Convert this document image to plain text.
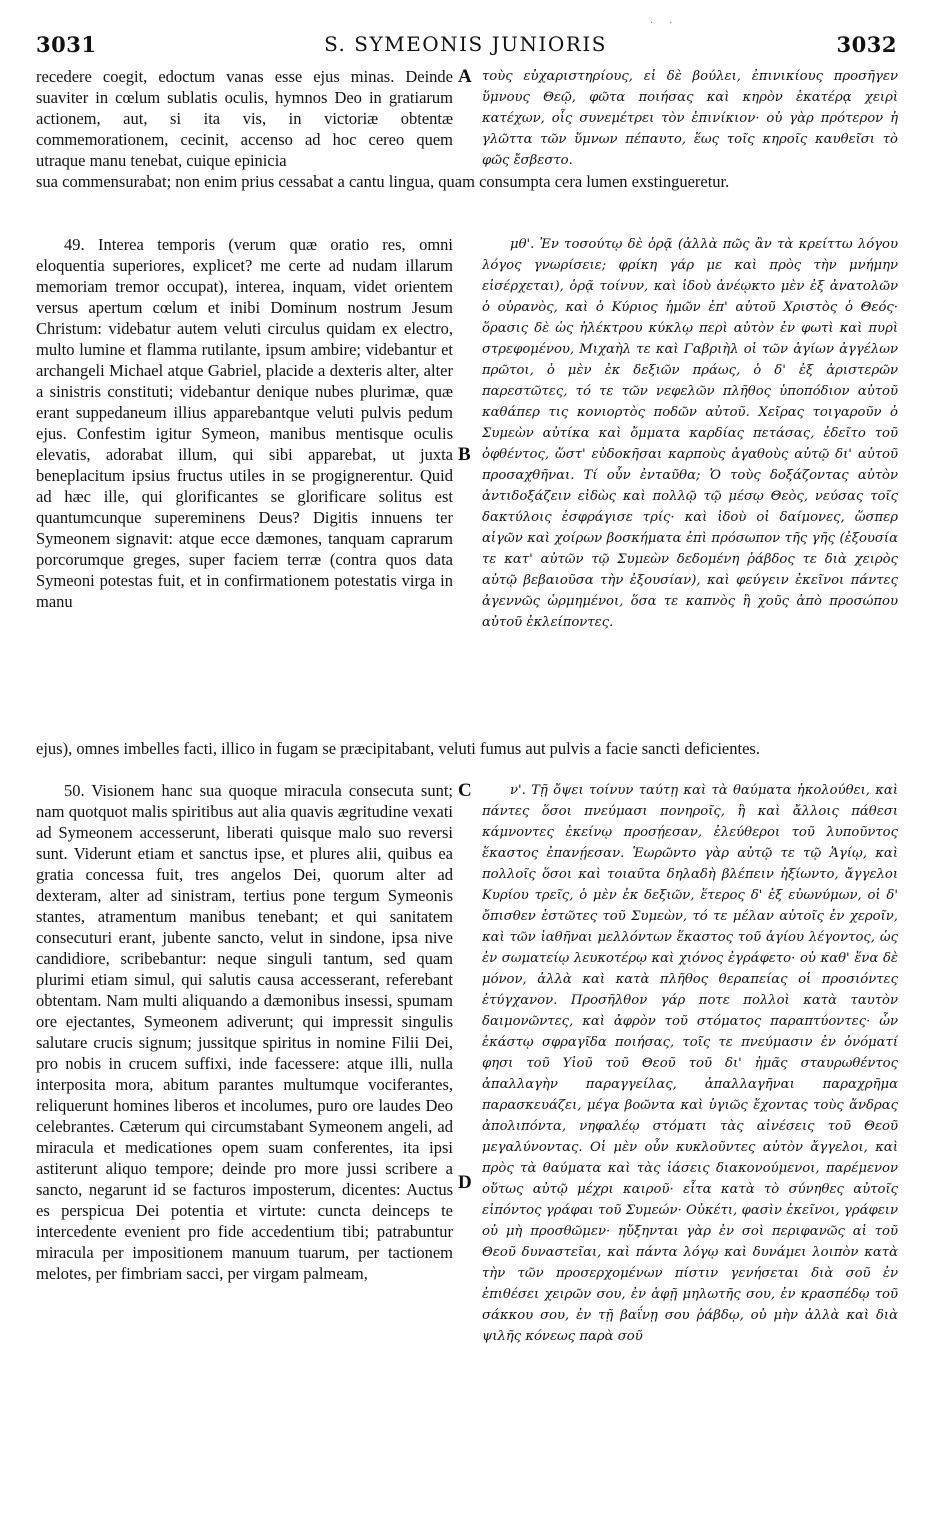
·     ·
3031	S. SYMEONIS JUNIORIS	3032

recedere coegit, edoctum vanas esse ejus minas. Deinde suaviter in cœlum sublatis oculis, hymnos Deo in gratiarum actionem, aut, si ita vis, in victoriæ obtentæ commemorationem, cecinit, accenso ad hoc cereo quem utraque manu tenebat, cuique epinicia

A τοὺς εὐχαριστηρίους, εἰ δὲ βούλει, ἐπινικίους προσῆγεν ὕμνους Θεῷ, φῶτα ποιήσας καὶ κηρὸν ἑκατέρᾳ χειρὶ κατέχων, οἷς συνεμέτρει τὸν ἐπινίκιον· οὐ γὰρ πρότερον ἡ γλῶττα τῶν ὕμνων πέπαυτο, ἕως τοῖς κηροῖς καυθεῖσι τὸ φῶς ἔσβεστο.

sua commensurabat; non enim prius cessabat a cantu lingua, quam consumpta cera lumen exstingueretur.

49. Interea temporis (verum quæ oratio res, omni eloquentia superiores, explicet? me certe ad nudam illarum memoriam tremor occupat), interea, inquam, videt orientem versus apertum cœlum et inibi Dominum nostrum Jesum Christum: videbatur autem veluti circulus quidam ex electro, multo lumine et flamma rutilante, ipsum ambire; videbantur et archangeli Michael atque Gabriel, placide a dexteris alter, alter a sinistris constituti; videbantur denique nubes plurimæ, quæ erant suppedaneum illius apparebantque veluti pulvis pedum ejus. Confestim igitur Symeon, manibus mentisque oculis elevatis, adorabat illum, qui sibi apparebat, ut juxta beneplacitum ipsius fructus utiles in se progignerentur. Quid ad hæc ille, qui glorificantes se glorificare solitus est quantumcunque supereminens Deus? Digitis innuens ter Symeonem signavit: atque ecce dæmones, tanquam caprarum porcorumque greges, super faciem terræ (contra quos data Symeoni potestas fuit, et in confirmationem potestatis virga in manu

B

μθ'. Ἐν τοσούτῳ δὲ ὁρᾷ (ἀλλὰ πῶς ἂν τὰ κρείττω λόγου λόγος γνωρίσειε; φρίκη γάρ με καὶ πρὸς τὴν μνήμην εἰσέρχεται), ὁρᾷ τοίνυν, καὶ ἰδοὺ ἀνέῳκτο μὲν ἐξ ἀνατολῶν ὁ οὐρανὸς, καὶ ὁ Κύριος ἡμῶν ἐπ' αὐτοῦ Χριστὸς ὁ Θεός· ὅρασις δὲ ὡς ἠλέκτρου κύκλῳ περὶ αὐτὸν ἐν φωτὶ καὶ πυρὶ στρεφομένου, Μιχαὴλ τε καὶ Γαβριὴλ οἱ τῶν ἁγίων ἀγγέλων πρῶτοι, ὁ μὲν ἐκ δεξιῶν πράως, ὁ δ' ἐξ ἀριστερῶν παρεστῶτες, τό τε τῶν νεφελῶν πλῆθος ὑποπόδιον αὐτοῦ καθάπερ τις κονιορτὸς ποδῶν αὐτοῦ. Χεῖρας τοιγαροῦν ὁ Συμεὼν αὐτίκα καὶ ὄμματα καρδίας πετάσας, ἐδεῖτο τοῦ ὀφθέντος, ὥστ' εὐδοκῆσαι καρποὺς ἀγαθοὺς αὐτῷ δι' αὐτοῦ προσαχθῆναι. Τί οὖν ἐνταῦθα; Ὁ τοὺς δοξάζοντας αὐτὸν ἀντιδοξάζειν εἰδὼς καὶ πολλῷ τῷ μέσῳ Θεὸς, νεύσας τοῖς δακτύλοις ἐσφράγισε τρίς· καὶ ἰδοὺ οἱ δαίμονες, ὥσπερ αἰγῶν καὶ χοίρων βοσκήματα ἐπὶ πρόσωπον τῆς γῆς (ἐξουσία τε κατ' αὐτῶν τῷ Συμεὼν δεδομένη ῥάβδος τε διὰ χειρὸς αὐτῷ βεβαιοῦσα τὴν ἐξουσίαν), καὶ φεύγειν ἐκεῖνοι πάντες ἀγεννῶς ὡρμημένοι, ὅσα τε καπνὸς ἢ χοῦς ἀπὸ προσώπου αὐτοῦ ἐκλείποντες.

ejus), omnes imbelles facti, illico in fugam se præcipitabant, veluti fumus aut pulvis a facie sancti deficientes.

50. Visionem hanc sua quoque miracula consecuta sunt; nam quotquot malis spiritibus aut alia quavis ægritudine vexati ad Symeonem accesserunt, liberati quisque malo suo reversi sunt. Viderunt etiam et sanctus ipse, et plures alii, quibus ea gratia concessa fuit, tres angelos Dei, quorum alter ad dexteram, alter ad sinistram, tertius pone tergum Symeonis stantes, atramentum manibus tenebant; et qui sanitatem consecuturi erant, jubente sancto, velut in sindone, ipsa nive candidiore, scribebantur: neque singuli tantum, sed quam plurimi etiam simul, qui salutis causa accesserant, referebant obtentam. Nam multi aliquando a dæmonibus insessi, spumam ore ejectantes, Symeonem adiverunt; qui impressit singulis salutare crucis signum; jussitque spiritus in nomine Filii Dei, pro nobis in crucem suffixi, inde facessere: atque illi, nulla interposita mora, abitum parantes multumque vociferantes, reliquerunt homines liberos et incolumes, puro ore laudes Deo celebrantes. Cæterum qui circumstabant Symeonem angeli, ad miracula et medicationes opem suam conferentes, ita ipsi astiterunt aliquo tempore; deinde pro more jussi scribere a sancto, negarunt id se facturos imposterum, dicentes: Auctus es perspicua Dei potentia et virtute: cuncta deinceps te intercedente evenient pro fide accedentium tibi; patrabuntur miracula per impositionem manuum tuarum, per tactionem melotes, per fimbriam sacci, per virgam palmeam,

C
D

ν'. Τῇ ὄψει τοίνυν ταύτῃ καὶ τὰ θαύματα ἠκολούθει, καὶ πάντες ὅσοι πνεύμασι πονηροῖς, ἢ καὶ ἄλλοις πάθεσι κάμνοντες ἐκείνῳ προσῄεσαν, ἐλεύθεροι τοῦ λυποῦντος ἕκαστος ἐπανῄεσαν. Ἑωρῶντο γὰρ αὐτῷ τε τῷ Ἁγίῳ, καὶ πολλοῖς ὅσοι καὶ τοιαῦτα δηλαδὴ βλέπειν ἠξίωντο, ἄγγελοι Κυρίου τρεῖς, ὁ μὲν ἐκ δεξιῶν, ἕτερος δ' ἐξ εὐωνύμων, οἱ δ' ὄπισθεν ἑστῶτες τοῦ Συμεὼν, τό τε μέλαν αὐτοῖς ἐν χεροῖν, καὶ τῶν ἰαθῆναι μελλόντων ἕκαστος τοῦ ἁγίου λέγοντος, ὡς ἐν σωματείῳ λευκοτέρῳ καὶ χιόνος ἐγράφετο· οὐ καθ' ἕνα δὲ μόνον, ἀλλὰ καὶ κατὰ πλῆθος θεραπείας οἱ προσιόντες ἐτύγχανον. Προσῆλθον γάρ ποτε πολλοὶ κατὰ ταυτὸν δαιμονῶντες, καὶ ἀφρὸν τοῦ στόματος παραπτύοντες· ὧν ἑκάστῳ σφραγῖδα ποιήσας, τοῖς τε πνεύμασιν ἐν ὀνόματί φησι τοῦ Υἱοῦ τοῦ Θεοῦ τοῦ δι' ἡμᾶς σταυρωθέντος ἀπαλλαγὴν παραγγείλας, ἀπαλλαγῆναι παραχρῆμα παρασκευάζει, μέγα βοῶντα καὶ ὑγιῶς ἔχοντας τοὺς ἄνδρας ἀπολιπόντα, νηφαλέῳ στόματι τὰς αἰνέσεις τοῦ Θεοῦ μεγαλύνοντας. Οἱ μὲν οὖν κυκλοῦντες αὐτὸν ἄγγελοι, καὶ πρὸς τὰ θαύματα καὶ τὰς ἰάσεις διακονούμενοι, παρέμενον οὕτως αὐτῷ μέχρι καιροῦ· εἶτα κατὰ τὸ σύνηθες αὐτοῖς εἰπόντος γράφαι τοῦ Συμεών· Οὐκέτι, φασὶν ἐκεῖνοι, γράφειν οὐ μὴ προσθῶμεν· ηὔξηνται γὰρ ἐν σοὶ περιφανῶς αἱ τοῦ Θεοῦ δυναστεῖαι, καὶ πάντα λόγῳ καὶ δυνάμει λοιπὸν κατὰ τὴν τῶν προσερχομένων πίστιν γενήσεται διὰ σοῦ ἐν ἐπιθέσει χειρῶν σου, ἐν ἁφῇ μηλωτῆς σου, ἐν κρασπέδῳ τοῦ σάκκου σου, ἐν τῇ βαΐνῃ σου ῥάβδῳ, οὐ μὴν ἀλλὰ καὶ διὰ ψιλῆς κόνεως παρὰ σοῦ
